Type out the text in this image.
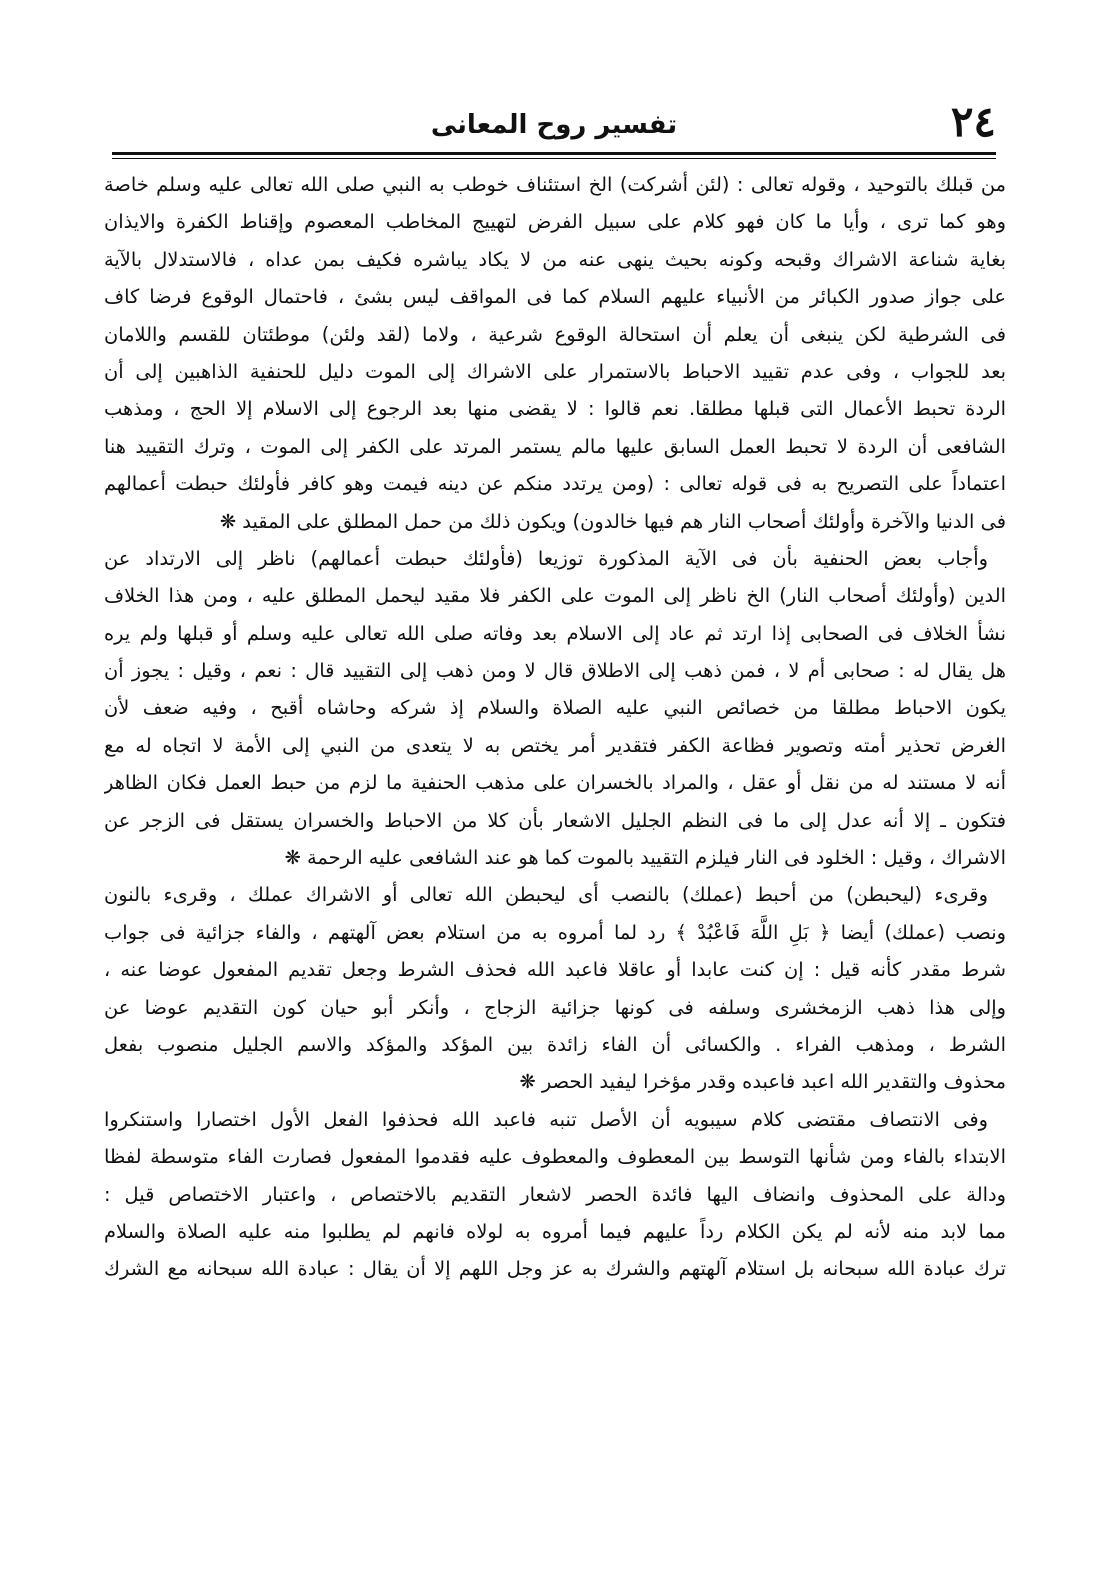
٢٤
تفسير روح المعانى
من قبلك بالتوحيد ، وقوله تعالى : (لئن أشركت) الخ استئناف خوطب به النبي صلى الله تعالى عليه وسلم خاصة
وهو كما ترى ، وأيا ما كان فهو كلام على سبيل الفرض لتهييج المخاطب المعصوم وإقناط الكفرة والايذان
بغاية شناعة الاشراك وقبحه وكونه بحيث ينهى عنه من لا يكاد يباشره فكيف بمن عداه ، فالاستدلال بالآية
على جواز صدور الكبائر من الأنبياء عليهم السلام كما فى المواقف ليس بشئ ، فاحتمال الوقوع فرضا كاف
فى الشرطية لكن ينبغى أن يعلم أن استحالة الوقوع شرعية ، ولاما (لقد ولئن) موطئتان للقسم واللامان
بعد للجواب ، وفى عدم تقييد الاحباط بالاستمرار على الاشراك إلى الموت دليل للحنفية الذاهبين إلى أن
الردة تحبط الأعمال التى قبلها مطلقا. نعم قالوا : لا يقضى منها بعد الرجوع إلى الاسلام إلا الحج ، ومذهب
الشافعى أن الردة لا تحبط العمل السابق عليها مالم يستمر المرتد على الكفر إلى الموت ، وترك التقييد هنا
اعتماداً على التصريح به فى قوله تعالى : (ومن يرتدد منكم عن دينه فيمت وهو كافر فأولئك حبطت أعمالهم
فى الدنيا والآخرة وأولئك أصحاب النار هم فيها خالدون) ويكون ذلك من حمل المطلق على المقيد ❋
وأجاب بعض الحنفية بأن فى الآية المذكورة توزيعا (فأولئك حبطت أعمالهم) ناظر إلى الارتداد عن
الدين (وأولئك أصحاب النار) الخ ناظر إلى الموت على الكفر فلا مقيد ليحمل المطلق عليه ، ومن هذا الخلاف
نشأ الخلاف فى الصحابى إذا ارتد ثم عاد إلى الاسلام بعد وفاته صلى الله تعالى عليه وسلم أو قبلها ولم يره
هل يقال له : صحابى أم لا ، فمن ذهب إلى الاطلاق قال لا ومن ذهب إلى التقييد قال : نعم ، وقيل : يجوز أن
يكون الاحباط مطلقا من خصائص النبي عليه الصلاة والسلام إذ شركه وحاشاه أقبح ، وفيه ضعف لأن
الغرض تحذير أمته وتصوير فظاعة الكفر فتقدير أمر يختص به لا يتعدى من النبي إلى الأمة لا اتجاه له مع
أنه لا مستند له من نقل أو عقل ، والمراد بالخسران على مذهب الحنفية ما لزم من حبط العمل فكان الظاهر
فتكون ـ إلا أنه عدل إلى ما فى النظم الجليل الاشعار بأن كلا من الاحباط والخسران يستقل فى الزجر عن
الاشراك ، وقيل : الخلود فى النار فيلزم التقييد بالموت كما هو عند الشافعى عليه الرحمة ❋
وقرىء (ليحبطن) من أحبط (عملك) بالنصب أى ليحبطن الله تعالى أو الاشراك عملك ، وقرىء بالنون
ونصب (عملك) أيضا ﴿ بَلِ اللَّهَ فَاعْبُدْ ﴾ رد لما أمروه به من استلام بعض آلهتهم ، والفاء جزائية فى جواب
شرط مقدر كأنه قيل : إن كنت عابدا أو عاقلا فاعبد الله فحذف الشرط وجعل تقديم المفعول عوضا عنه ،
وإلى هذا ذهب الزمخشرى وسلفه فى كونها جزائية الزجاج ، وأنكر أبو حيان كون التقديم عوضا عن
الشرط ، ومذهب الفراء . والكسائى أن الفاء زائدة بين المؤكد والمؤكد والاسم الجليل منصوب بفعل
محذوف والتقدير الله اعبد فاعبده وقدر مؤخرا ليفيد الحصر ❋
وفى الانتصاف مقتضى كلام سيبويه أن الأصل تنبه فاعبد الله فحذفوا الفعل الأول اختصارا واستنكروا
الابتداء بالفاء ومن شأنها التوسط بين المعطوف والمعطوف عليه فقدموا المفعول فصارت الفاء متوسطة لفظا
ودالة على المحذوف وانضاف اليها فائدة الحصر لاشعار التقديم بالاختصاص ، واعتبار الاختصاص قيل :
مما لابد منه لأنه لم يكن الكلام رداً عليهم فيما أمروه به لولاه فانهم لم يطلبوا منه عليه الصلاة والسلام
ترك عبادة الله سبحانه بل استلام آلهتهم والشرك به عز وجل اللهم إلا أن يقال : عبادة الله سبحانه مع الشرك
